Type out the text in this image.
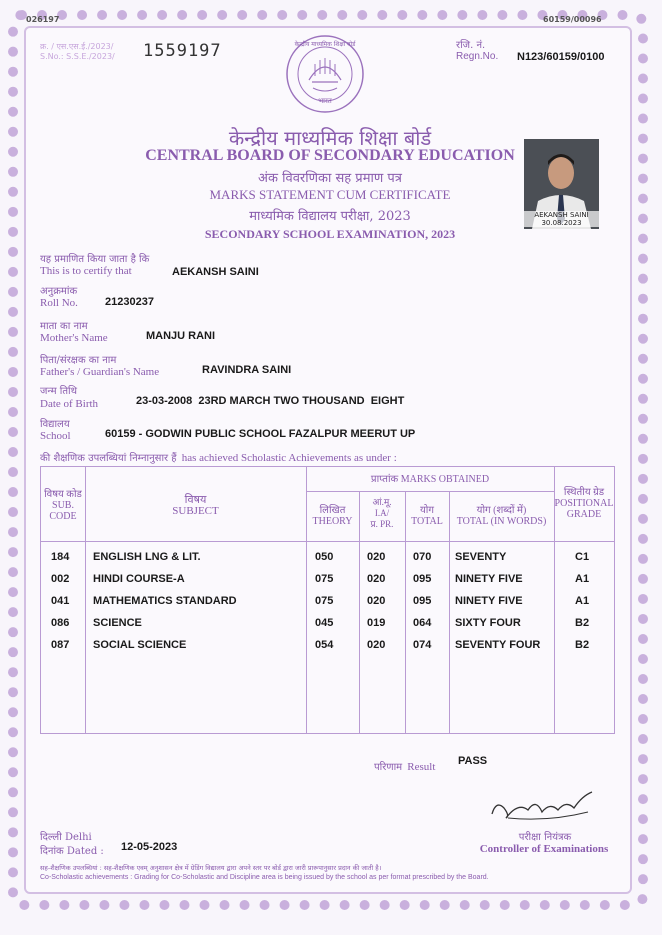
026197	60159/00096
क्र. / एस.एस.ई./2023/
S.No.: S.S.E./2023/ 1559197	केन्द्रीय माध्यमिक शिक्षा बोर्ड
भारत
रजि. नं.
Regn.No. N123/60159/0100
केन्द्रीय माध्यमिक शिक्षा बोर्ड
CENTRAL BOARD OF SECONDARY EDUCATION
अंक विवरणिका सह प्रमाण पत्र
MARKS STATEMENT CUM CERTIFICATE
माध्यमिक विद्यालय परीक्षा, 2023
SECONDARY SCHOOL EXAMINATION, 2023
AEKANSH SAINI
30.08.2023
यह प्रमाणित किया जाता है कि
This is to certify that	AEKANSH SAINI
अनुक्रमांक
Roll No. 21230237
माता का नाम
Mother's Name	MANJU RANI
पिता/संरक्षक का नाम
Father's / Guardian's Name	RAVINDRA SAINI
जन्म तिथि
Date of Birth	23-03-2008  23RD MARCH TWO THOUSAND  EIGHT
विद्यालय
School	60159 - GODWIN PUBLIC SCHOOL FAZALPUR MEERUT UP
की शैक्षणिक उपलब्धियां निम्नानुसार हैं has achieved Scholastic Achievements as under :
विषय कोड
SUB.
CODE
विषय
SUBJECT
प्राप्तांक MARKS OBTAINED
लिखित
THEORY
आं.मू.
I.A/
प्र. PR.
योग
TOTAL
योग (शब्दों में)
TOTAL (IN WORDS)
स्थितीय ग्रेड
POSITIONAL
GRADE
184 ENGLISH LNG & LIT.	050	020	070 SEVENTY	C1
002 HINDI COURSE-A	075	020	095 NINETY FIVE	A1
041 MATHEMATICS STANDARD	075	020	095 NINETY FIVE	A1
086 SCIENCE	045	019	064 SIXTY FOUR	B2
087 SOCIAL SCIENCE	054	020	074 SEVENTY FOUR	B2
परिणाम Result PASS
दिल्ली Delhi
दिनांक Dated : 12-05-2023
परीक्षा नियंत्रक
Controller of Examinations
सह-शैक्षणिक उपलब्धियां : सह-शैक्षणिक एवम् अनुशासन क्षेत्र में ग्रेडिंग विद्यालय द्वारा अपने स्तर पर बोर्ड द्वारा जारी प्रारूपानुसार प्रदान की जाती है।
Co-Scholastic achievements : Grading for Co-Scholastic and Discipline area is being issued by the school as per format prescribed by the Board.
